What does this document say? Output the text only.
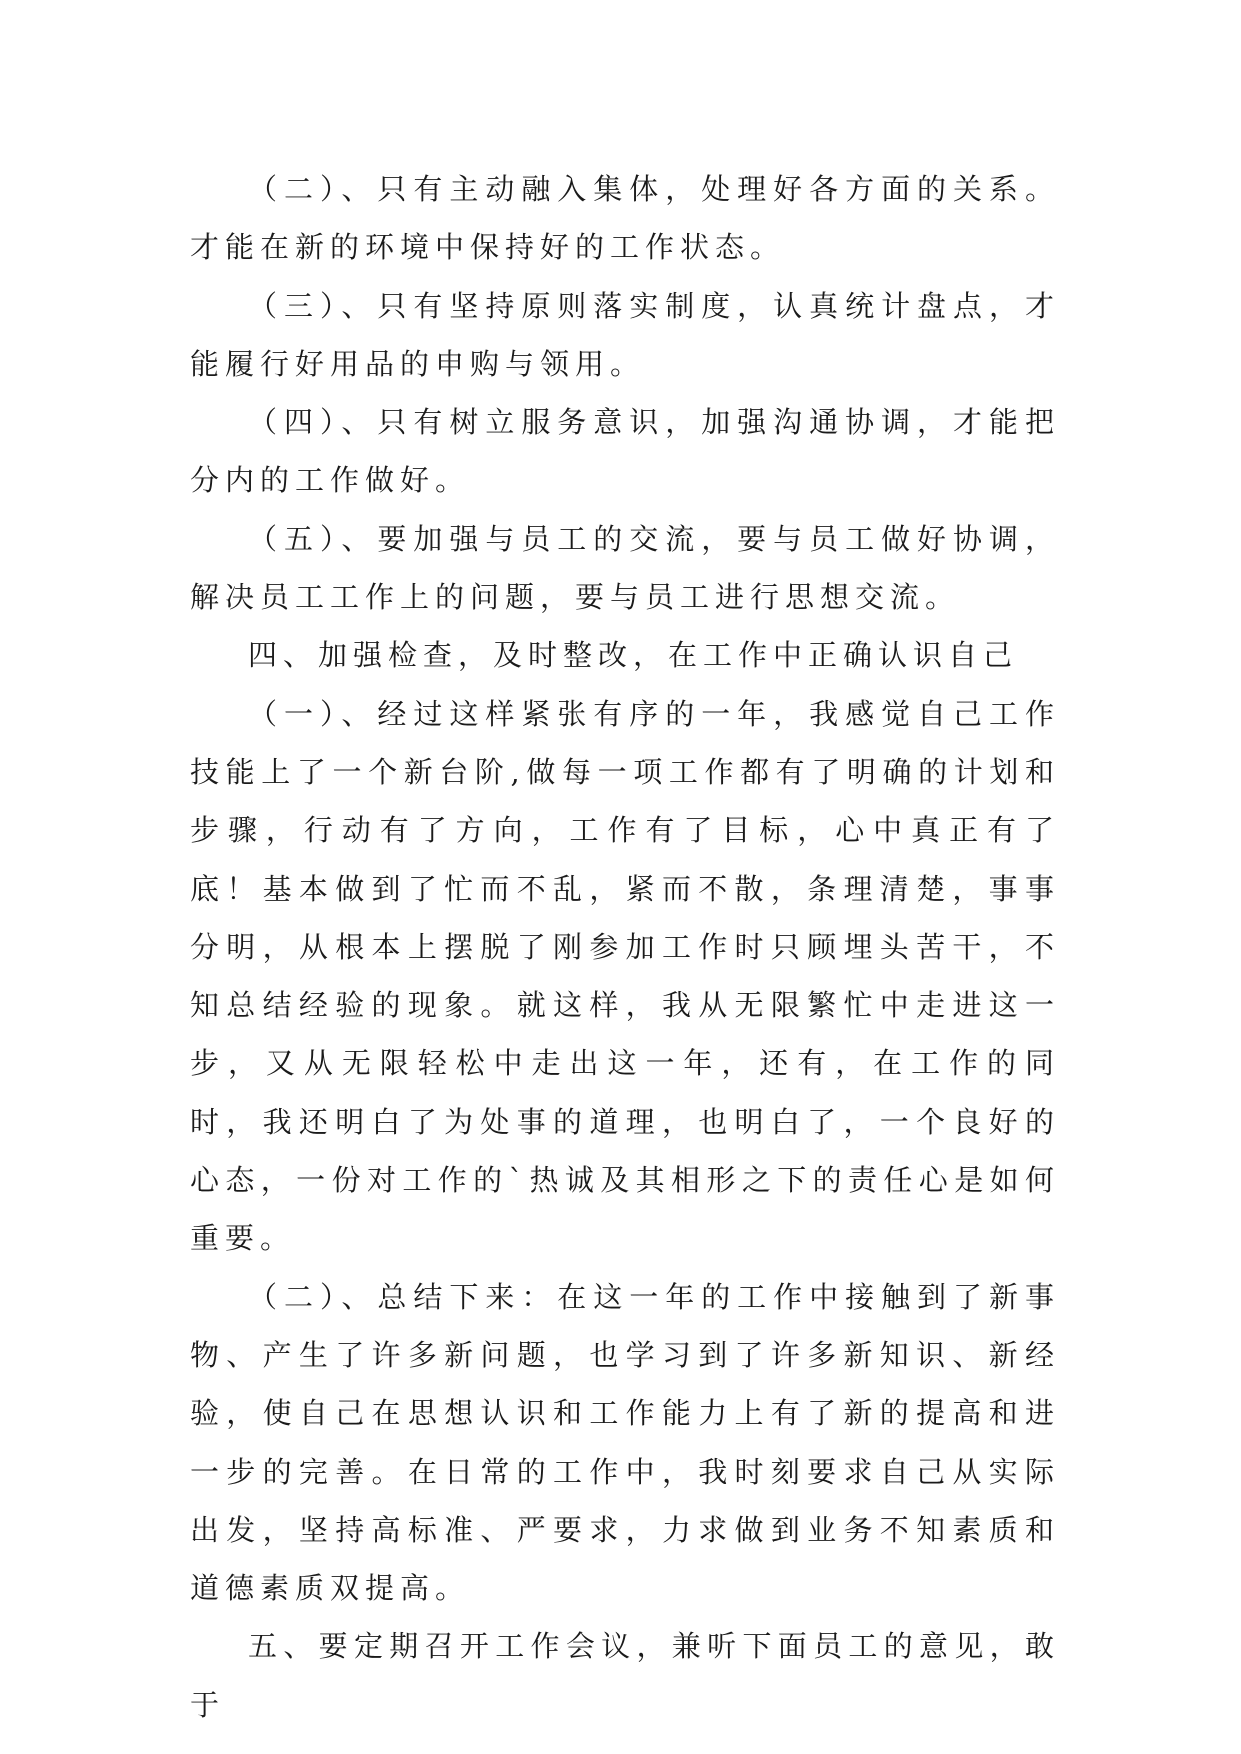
（二）、只有主动融入集体，处理好各方面的关系。才能在新的环境中保持好的工作状态。

（三）、只有坚持原则落实制度，认真统计盘点，才能履行好用品的申购与领用。

（四）、只有树立服务意识，加强沟通协调，才能把分内的工作做好。

（五）、要加强与员工的交流，要与员工做好协调，解决员工工作上的问题，要与员工进行思想交流。

四、加强检查，及时整改，在工作中正确认识自己

（一）、经过这样紧张有序的一年，我感觉自己工作技能上了一个新台阶,做每一项工作都有了明确的计划和步骤，行动有了方向，工作有了目标，心中真正有了底！基本做到了忙而不乱，紧而不散，条理清楚，事事分明，从根本上摆脱了刚参加工作时只顾埋头苦干，不知总结经验的现象。就这样，我从无限繁忙中走进这一步，又从无限轻松中走出这一年，还有，在工作的同时，我还明白了为处事的道理，也明白了，一个良好的心态，一份对工作的`热诚及其相形之下的责任心是如何重要。

（二）、总结下来：在这一年的工作中接触到了新事物、产生了许多新问题，也学习到了许多新知识、新经验，使自己在思想认识和工作能力上有了新的提高和进一步的完善。在日常的工作中，我时刻要求自己从实际出发，坚持高标准、严要求，力求做到业务不知素质和道德素质双提高。

五、要定期召开工作会议，兼听下面员工的意见，敢于
